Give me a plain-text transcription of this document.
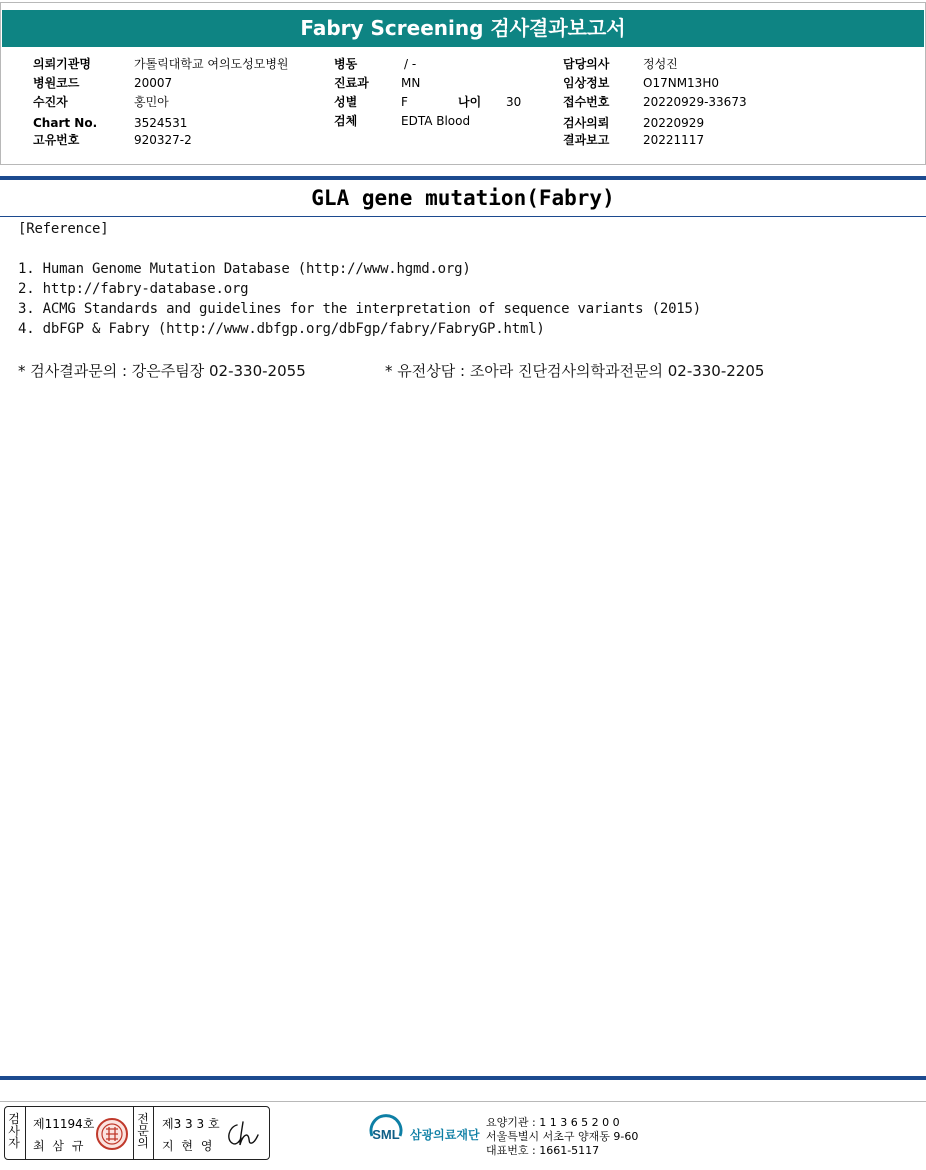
Fabry Screening 검사결과보고서
의뢰기관명	가톨릭대학교 여의도성모병원
병원코드	20007
수진자	홍민아
Chart No.	3524531
고유번호	920327-2
병동	/ -
진료과	MN
성별	F	나이 30
검체	EDTA Blood
담당의사	정성진
임상정보	O17NM13H0
접수번호	20220929-33673
검사의뢰	20220929
결과보고	20221117
GLA gene mutation(Fabry)
[Reference]
1. Human Genome Mutation Database (http://www.hgmd.org)
2. http://fabry-database.org
3. ACMG Standards and guidelines for the interpretation of sequence variants (2015)
4. dbFGP & Fabry (http://www.dbfgp.org/dbFgp/fabry/FabryGP.html)
* 검사결과문의 : 강은주팀장 02-330-2055	* 유전상담 : 조아라 진단검사의학과전문의 02-330-2205
검
사
자
제11194호
최 삼 규
전
문
의
제3 3 3 호
지 현 영
SML 삼광의료재단
요양기관 : 1 1 3 6 5 2 0 0
서울특별시 서초구 양재동 9-60
대표번호 : 1661-5117
